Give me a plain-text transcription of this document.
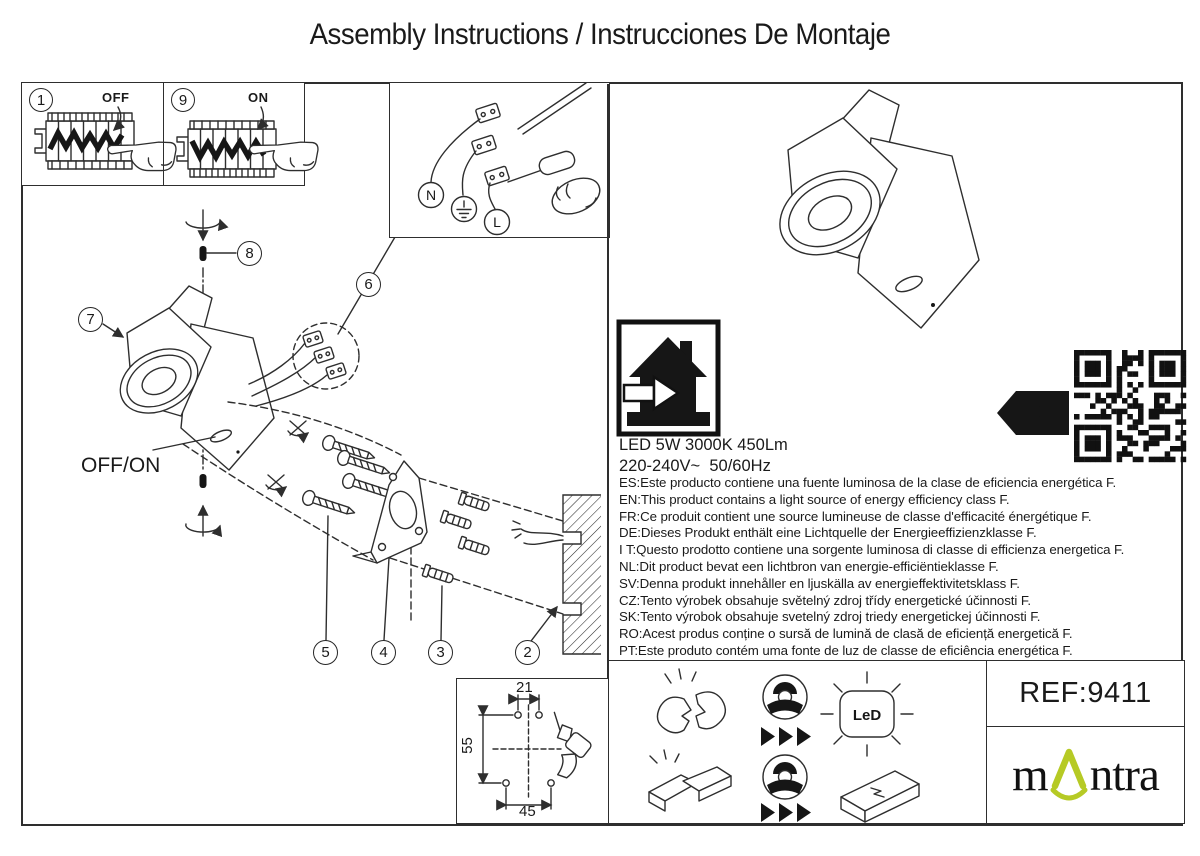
Assembly Instructions / Instrucciones De Montaje
8
6
7
5	4	3	2
OFF/ON
1	OFF	9	ON
N
L
21
55
45
LED 5W 3000K 450Lm
220-240V~  50/60Hz
F
ES:Este producto contiene una fuente luminosa de la clase de eficiencia energética F.
EN:This product contains a light source of energy efficiency class F.
FR:Ce produit contient une source lumineuse de classe d'efficacité énergétique F.
DE:Dieses Produkt enthält eine Lichtquelle der Energieeffizienzklasse F.
I T:Questo prodotto contiene una sorgente luminosa di classe di efficienza energetica F.
NL:Dit product bevat een lichtbron van energie-efficiëntieklasse F.
SV:Denna produkt innehåller en ljuskälla av energieffektivitetsklass F.
CZ:Tento výrobek obsahuje světelný zdroj třídy energetické účinnosti F.
SK:Tento výrobok obsahuje svetelný zdroj triedy energetickej účinnosti F.
RO:Acest produs conține o sursă de lumină de clasă de eficiență energetică F.
PT:Este produto contém uma fonte de luz de classe de eficiência energética F.
LeD
REF:9411
m ntra
